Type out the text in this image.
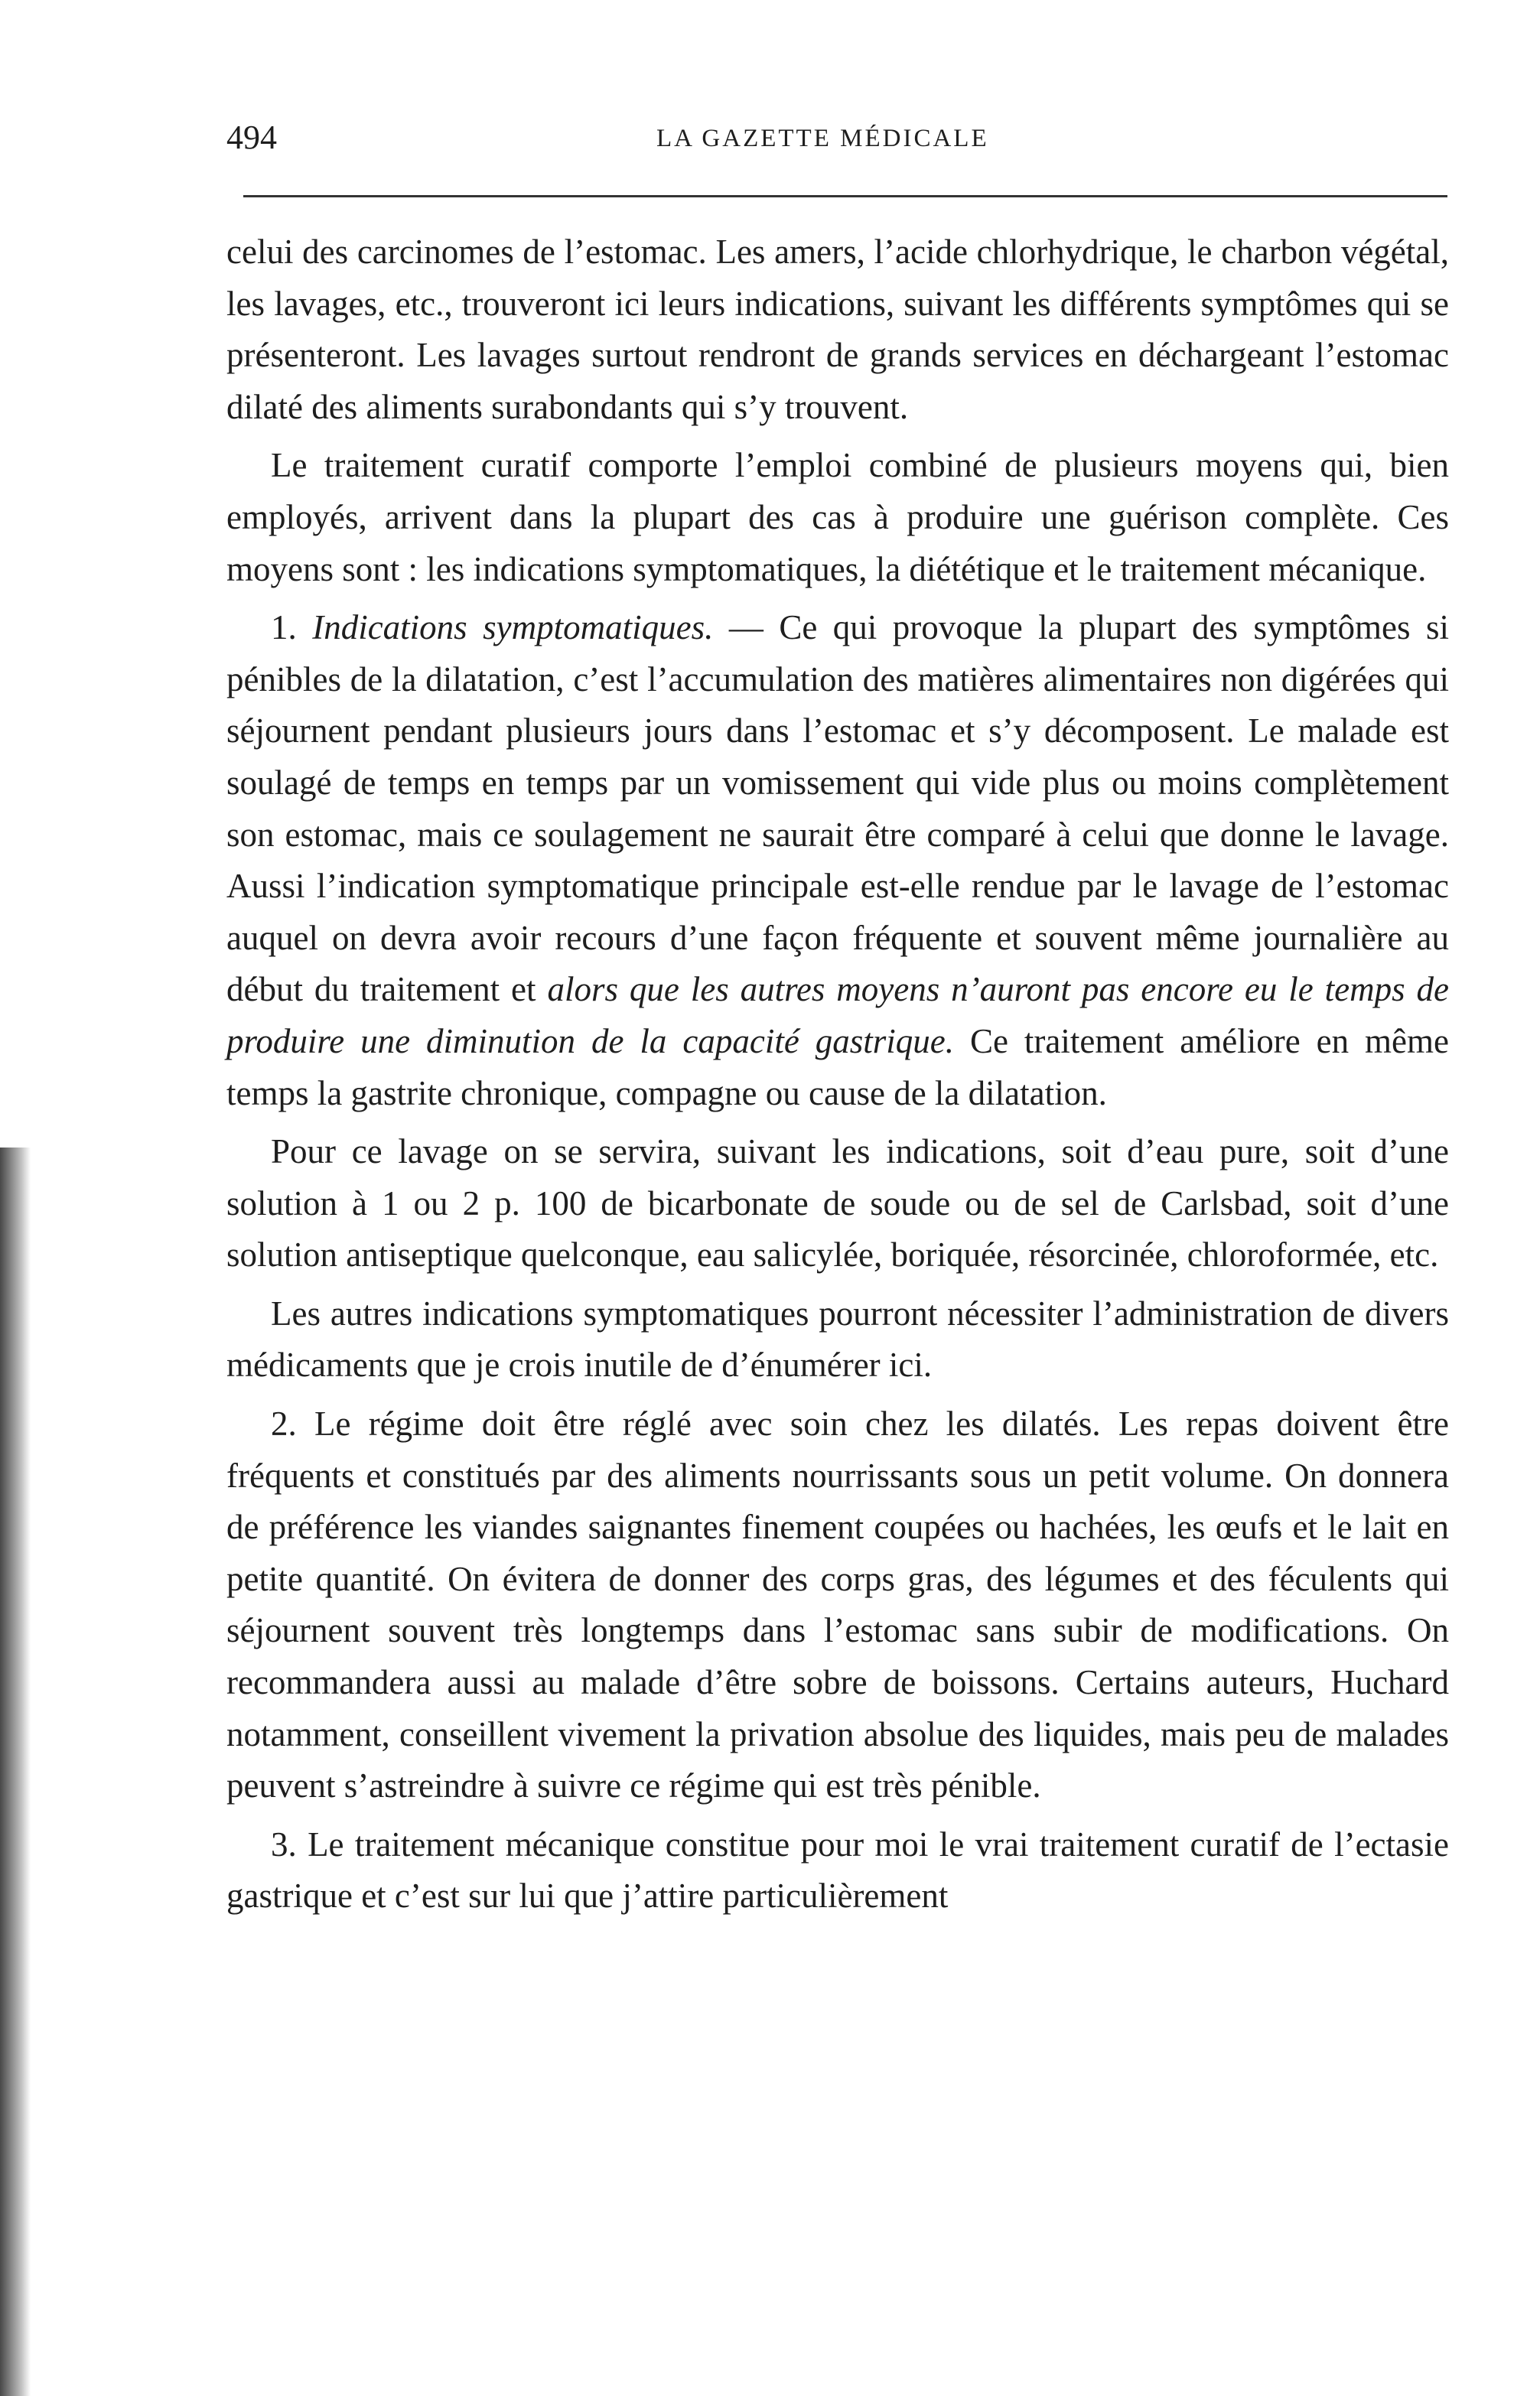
494	LA GAZETTE MÉDICALE

celui des carcinomes de l’estomac. Les amers, l’acide chlorhydrique, le charbon végétal, les lavages, etc., trouveront ici leurs indications, suivant les différents symptômes qui se présenteront. Les lavages surtout rendront de grands services en déchargeant l’estomac dilaté des aliments surabondants qui s’y trouvent.

Le traitement curatif comporte l’emploi combiné de plusieurs moyens qui, bien employés, arrivent dans la plupart des cas à produire une guérison complète. Ces moyens sont : les indications symptomatiques, la diététique et le traitement mécanique.

1. Indications symptomatiques. — Ce qui provoque la plupart des symptômes si pénibles de la dilatation, c’est l’accumulation des matières alimentaires non digérées qui séjournent pendant plusieurs jours dans l’estomac et s’y décomposent. Le malade est soulagé de temps en temps par un vomissement qui vide plus ou moins complètement son estomac, mais ce soulagement ne saurait être comparé à celui que donne le lavage. Aussi l’indication symptomatique principale est-elle rendue par le lavage de l’estomac auquel on devra avoir recours d’une façon fréquente et souvent même journalière au début du traitement et alors que les autres moyens n’auront pas encore eu le temps de produire une diminution de la capacité gastrique. Ce traitement améliore en même temps la gastrite chronique, compagne ou cause de la dilatation.

Pour ce lavage on se servira, suivant les indications, soit d’eau pure, soit d’une solution à 1 ou 2 p. 100 de bicarbonate de soude ou de sel de Carlsbad, soit d’une solution antiseptique quelconque, eau salicylée, boriquée, résorcinée, chloroformée, etc.

Les autres indications symptomatiques pourront nécessiter l’administration de divers médicaments que je crois inutile de d’énumérer ici.

2. Le régime doit être réglé avec soin chez les dilatés. Les repas doivent être fréquents et constitués par des aliments nourrissants sous un petit volume. On donnera de préférence les viandes saignantes finement coupées ou hachées, les œufs et le lait en petite quantité. On évitera de donner des corps gras, des légumes et des féculents qui séjournent souvent très longtemps dans l’estomac sans subir de modifications. On recommandera aussi au malade d’être sobre de boissons. Certains auteurs, Huchard notamment, conseillent vivement la privation absolue des liquides, mais peu de malades peuvent s’astreindre à suivre ce régime qui est très pénible.

3. Le traitement mécanique constitue pour moi le vrai traitement curatif de l’ectasie gastrique et c’est sur lui que j’attire particulièrement
